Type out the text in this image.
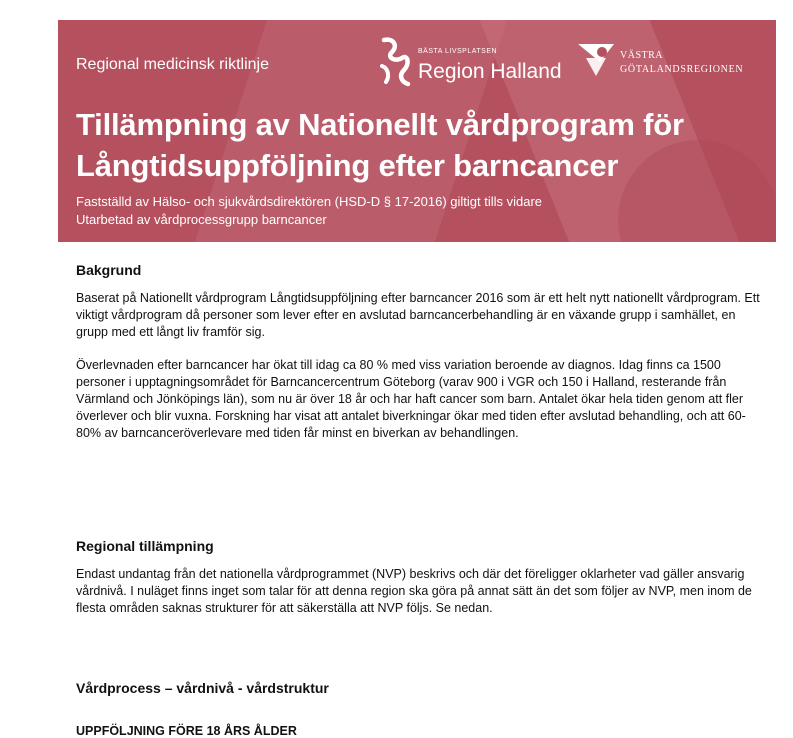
Regional medicinsk riktlinje
BÄSTA LIVSPLATSEN
Region Halland
VÄSTRA
GÖTALANDSREGIONEN
Tillämpning av Nationellt vårdprogram för
Långtidsuppföljning efter barncancer
Fastställd av Hälso- och sjukvårdsdirektören (HSD-D § 17-2016) giltigt tills vidare
Utarbetad av vårdprocessgrupp barncancer
Bakgrund

Baserat på Nationellt vårdprogram Långtidsuppföljning efter barncancer 2016 som är ett helt nytt nationellt vårdprogram. Ett viktigt vårdprogram då personer som lever efter en avslutad barncancerbehandling är en växande grupp i samhället, en grupp med ett långt liv framför sig.

Överlevnaden efter barncancer har ökat till idag ca 80 % med viss variation beroende av diagnos. Idag finns ca 1500 personer i upptagningsområdet för Barncancercentrum Göteborg (varav 900 i VGR och 150 i Halland, resterande från Värmland och Jönköpings län), som nu är över 18 år och har haft cancer som barn. Antalet ökar hela tiden genom att fler överlever och blir vuxna. Forskning har visat att antalet biverkningar ökar med tiden efter avslutad behandling, och att 60-80% av barncanceröverlevare med tiden får minst en biverkan av behandlingen.

Regional tillämpning

Endast undantag från det nationella vårdprogrammet (NVP) beskrivs och där det föreligger oklarheter vad gäller ansvarig vårdnivå. I nuläget finns inget som talar för att denna region ska göra på annat sätt än det som följer av NVP, men inom de flesta områden saknas strukturer för att säkerställa att NVP följs. Se nedan.

Vårdprocess – vårdnivå - vårdstruktur
UPPFÖLJNING FÖRE 18 ÅRS ÅLDER
